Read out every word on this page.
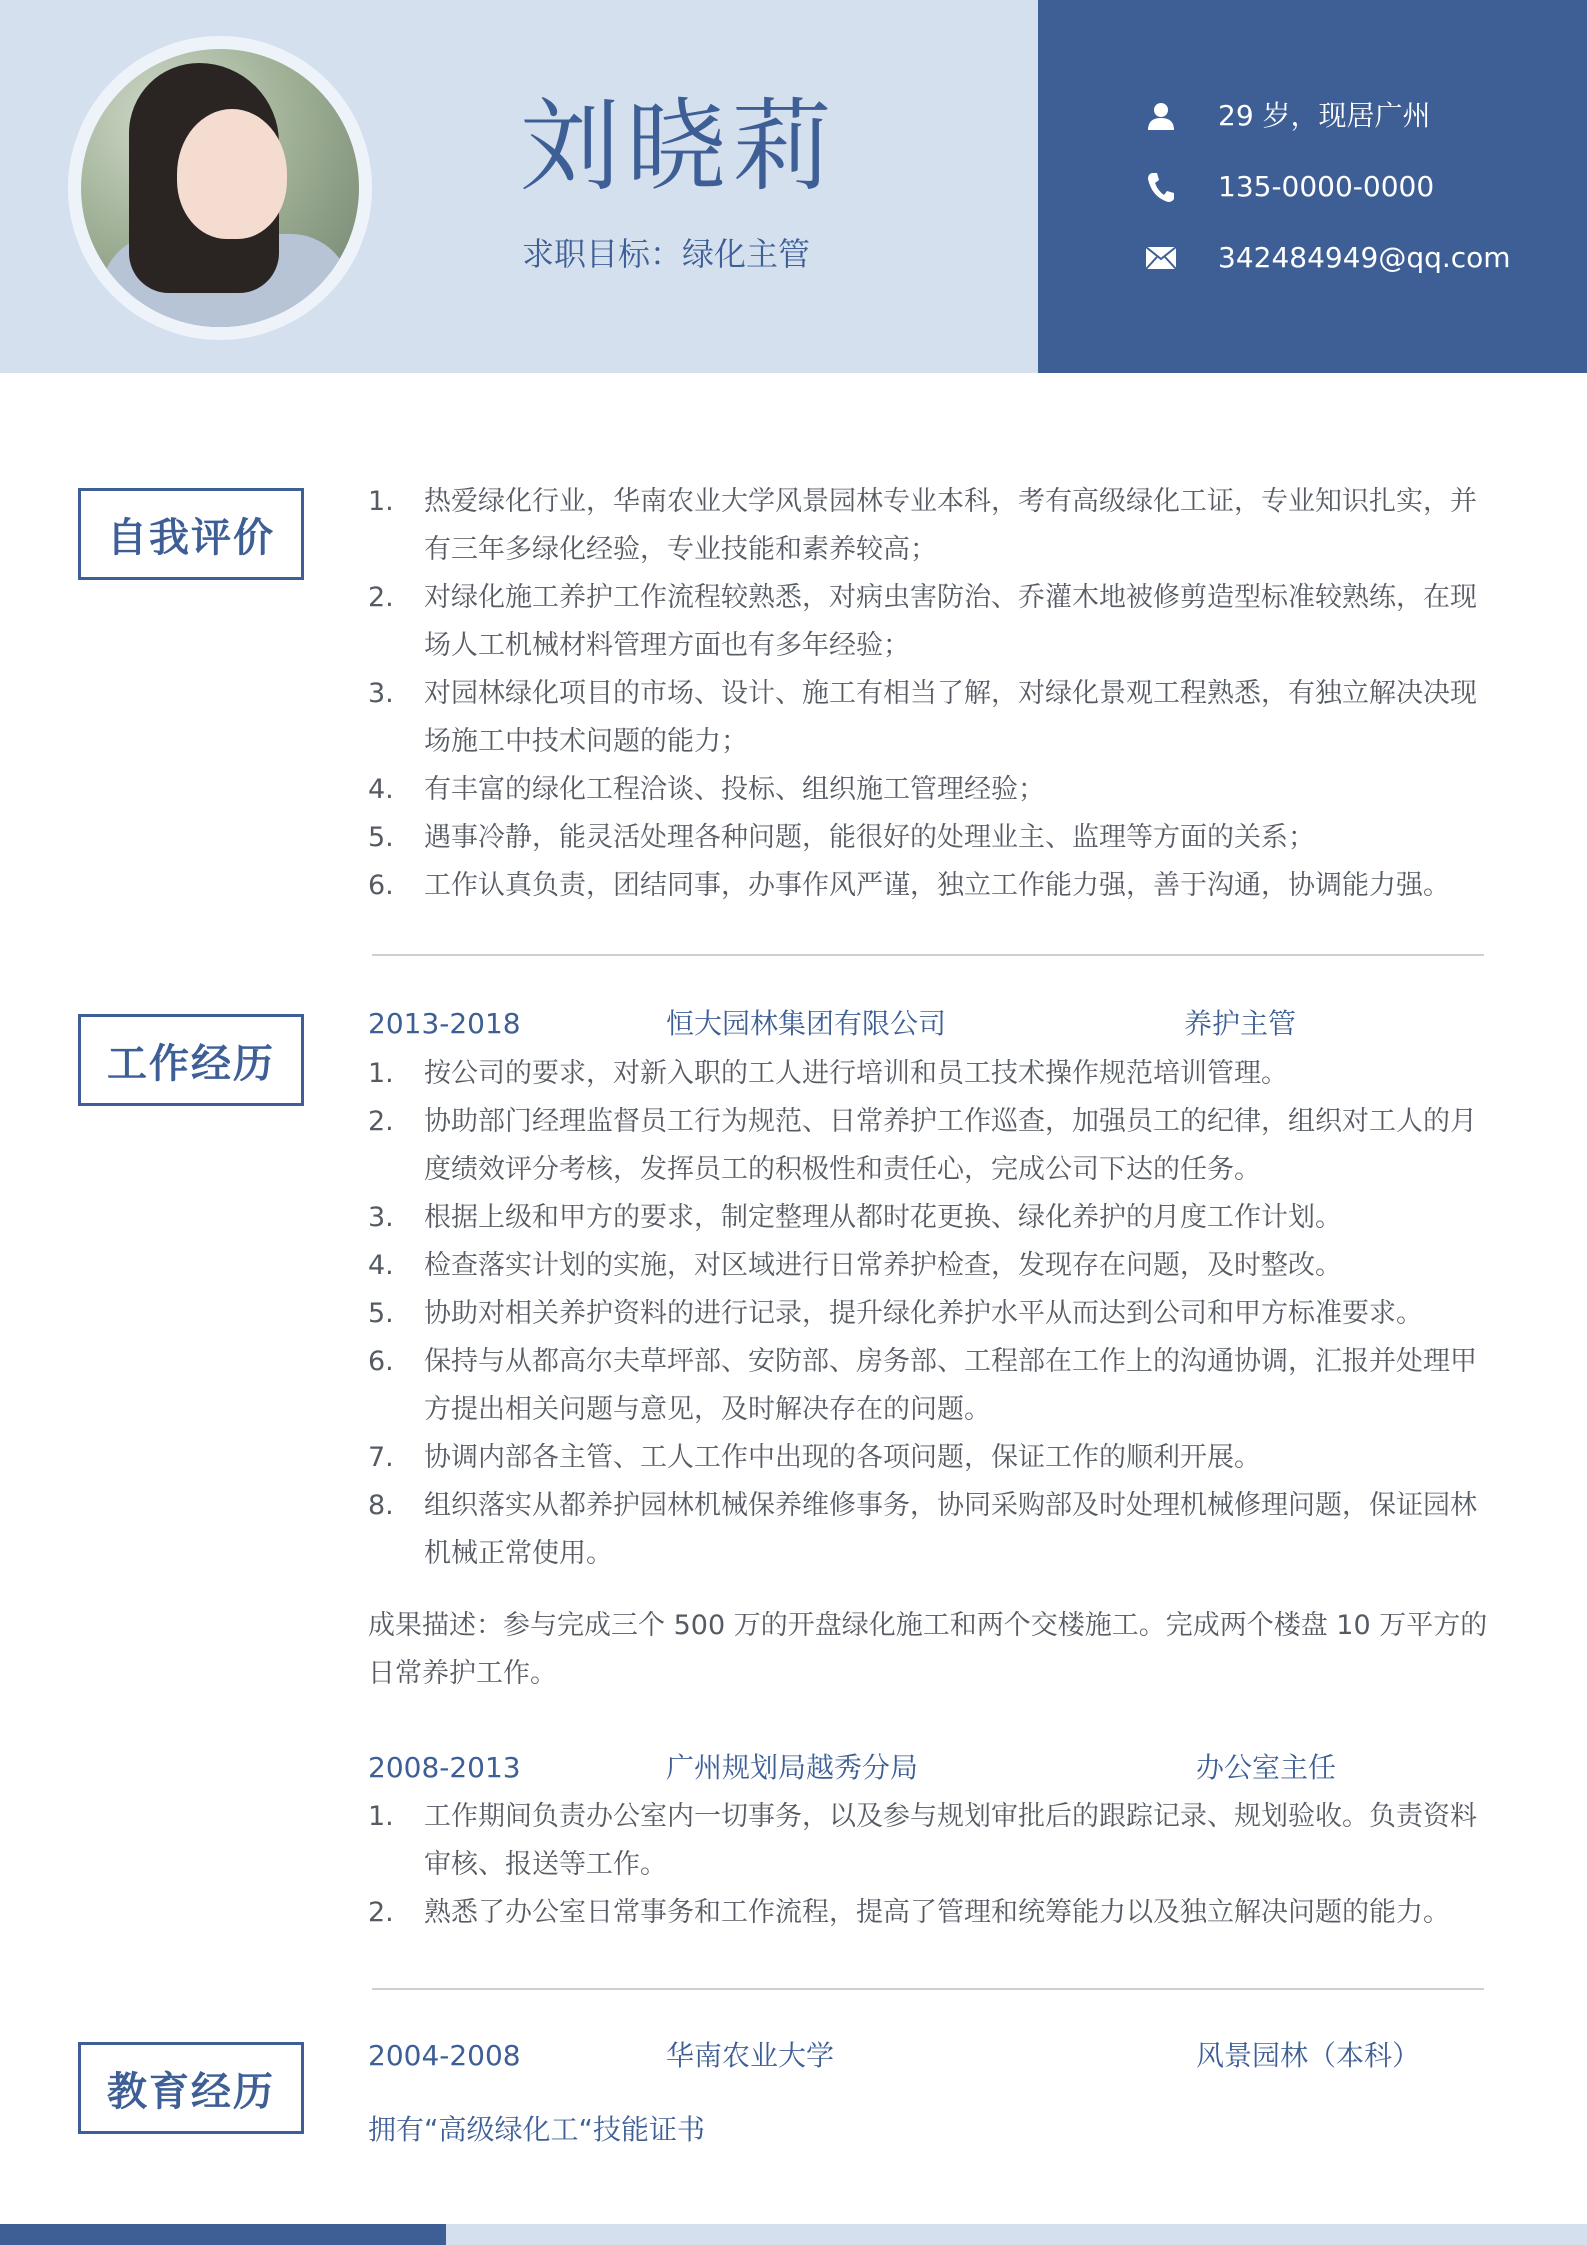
刘晓莉
求职目标：绿化主管
29 岁，现居广州
135-0000-0000
342484949@qq.com
自我评价
1. 热爱绿化行业，华南农业大学风景园林专业本科，考有高级绿化工证，专业知识扎实，并有三年多绿化经验，专业技能和素养较高；
2. 对绿化施工养护工作流程较熟悉，对病虫害防治、乔灌木地被修剪造型标准较熟练，在现场人工机械材料管理方面也有多年经验；
3. 对园林绿化项目的市场、设计、施工有相当了解，对绿化景观工程熟悉，有独立解决决现场施工中技术问题的能力；
4. 有丰富的绿化工程洽谈、投标、组织施工管理经验；
5. 遇事冷静，能灵活处理各种问题，能很好的处理业主、监理等方面的关系；
6. 工作认真负责，团结同事，办事作风严谨，独立工作能力强，善于沟通，协调能力强。
工作经历
2013-2018	恒大园林集团有限公司	养护主管
1. 按公司的要求，对新入职的工人进行培训和员工技术操作规范培训管理。
2. 协助部门经理监督员工行为规范、日常养护工作巡查，加强员工的纪律，组织对工人的月度绩效评分考核，发挥员工的积极性和责任心，完成公司下达的任务。
3. 根据上级和甲方的要求，制定整理从都时花更换、绿化养护的月度工作计划。
4. 检查落实计划的实施，对区域进行日常养护检查，发现存在问题，及时整改。
5. 协助对相关养护资料的进行记录，提升绿化养护水平从而达到公司和甲方标准要求。
6. 保持与从都高尔夫草坪部、安防部、房务部、工程部在工作上的沟通协调，汇报并处理甲方提出相关问题与意见，及时解决存在的问题。
7. 协调内部各主管、工人工作中出现的各项问题，保证工作的顺利开展。
8. 组织落实从都养护园林机械保养维修事务，协同采购部及时处理机械修理问题，保证园林机械正常使用。
成果描述：参与完成三个 500 万的开盘绿化施工和两个交楼施工。完成两个楼盘 10 万平方的日常养护工作。
2008-2013	广州规划局越秀分局	办公室主任
1. 工作期间负责办公室内一切事务，以及参与规划审批后的跟踪记录、规划验收。负责资料审核、报送等工作。
2. 熟悉了办公室日常事务和工作流程，提高了管理和统筹能力以及独立解决问题的能力。
教育经历
2004-2008	华南农业大学	风景园林（本科）
拥有“高级绿化工“技能证书
